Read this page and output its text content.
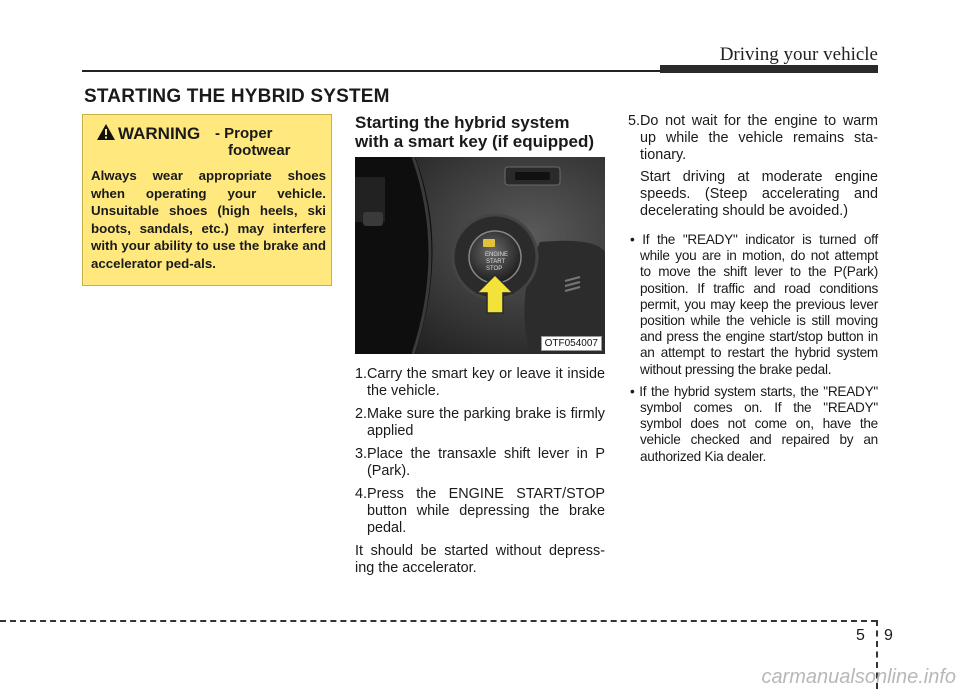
Driving your vehicle
STARTING THE HYBRID SYSTEM
WARNING - Proper
footwear
Always wear appropriate shoes when operating your vehicle. Unsuitable shoes (high heels, ski boots, sandals, etc.) may interfere with your ability to use the brake and accelerator ped-als.
Starting the hybrid system
with a smart key (if equipped)
ENGINE
START
STOP
OTF054007
1.Carry the smart key or leave it inside the vehicle.
2.Make sure the parking brake is firmly applied
3.Place the transaxle shift lever in P (Park).
4.Press the ENGINE START/STOP button while depressing the brake pedal.
It should be started without depress-ing the accelerator.
5.Do not wait for the engine to warm up while the vehicle remains sta-tionary.
Start driving at moderate engine speeds. (Steep accelerating and decelerating should be avoided.)
• If the "READY" indicator is turned off while you are in motion, do not attempt to move the shift lever to the P(Park) position. If traffic and road conditions permit, you may keep the previous lever position while the vehicle is still moving and press the engine start/stop button in an attempt to restart the hybrid system without pressing the brake pedal.
• If the hybrid system starts, the "READY" symbol comes on. If the "READY" symbol does not come on, have the vehicle checked and repaired by an authorized Kia dealer.
5 9
carmanualsonline.info
